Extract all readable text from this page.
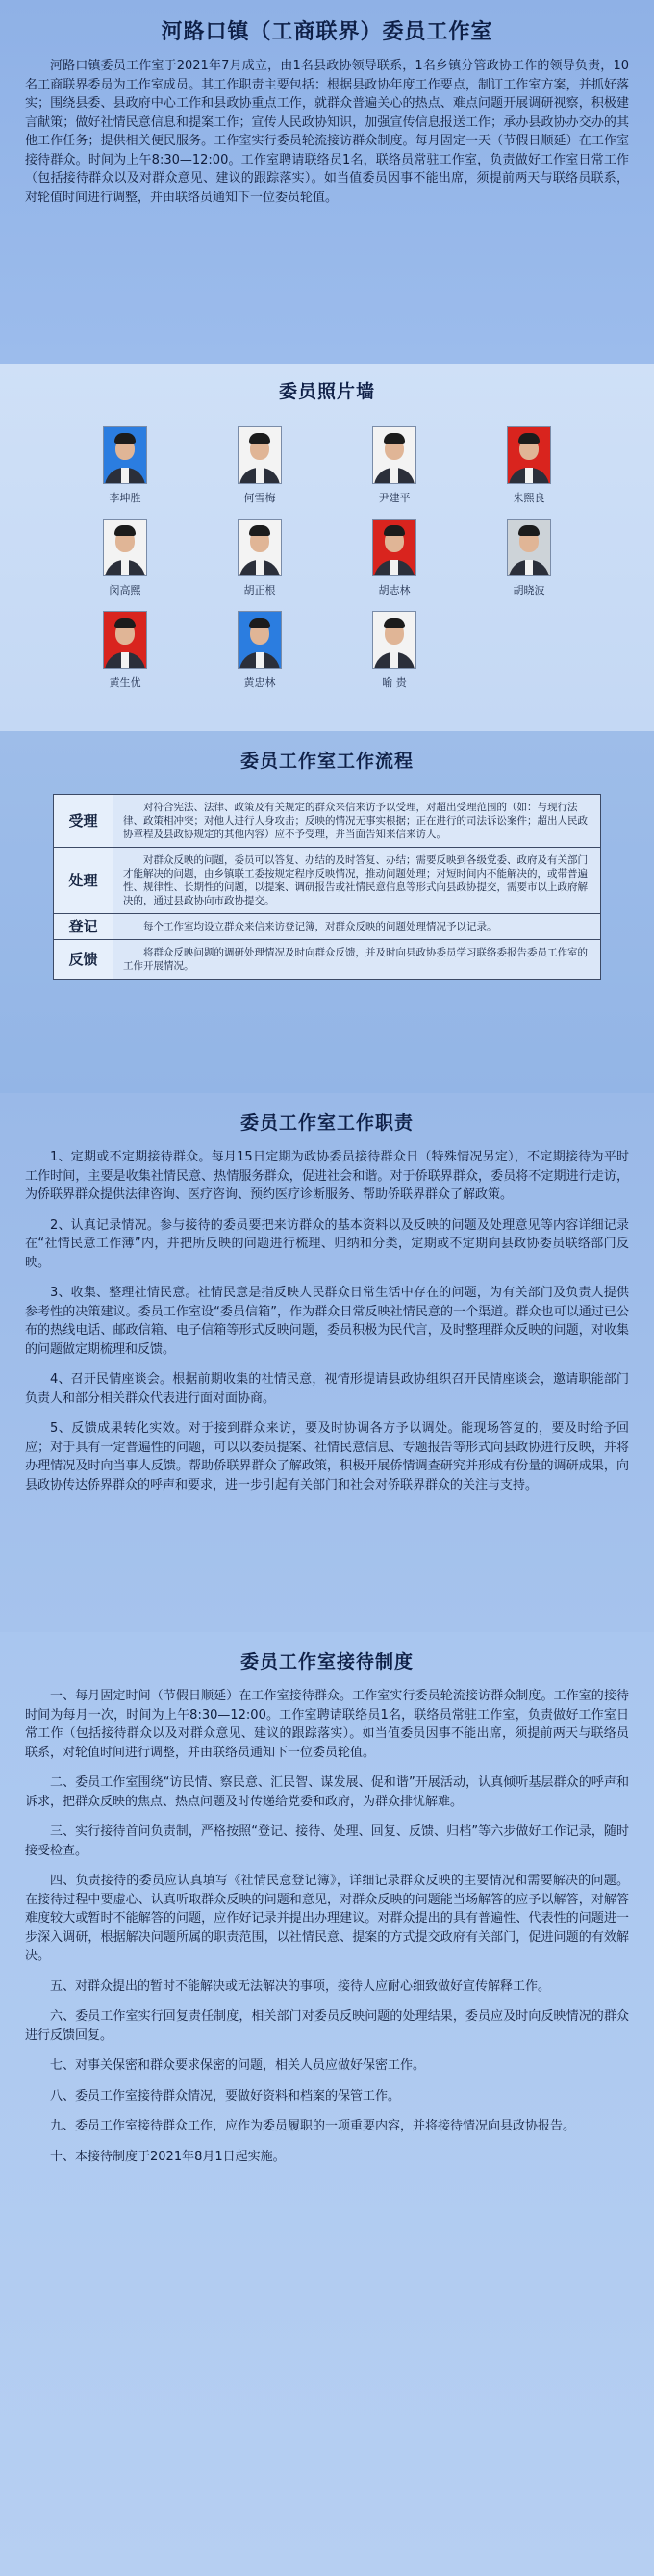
河路口镇（工商联界）委员工作室

河路口镇委员工作室于2021年7月成立，由1名县政协领导联系，1名乡镇分管政协工作的领导负责，10名工商联界委员为工作室成员。其工作职责主要包括：根据县政协年度工作要点，制订工作室方案，并抓好落实；围绕县委、县政府中心工作和县政协重点工作，就群众普遍关心的热点、难点问题开展调研视察，积极建言献策；做好社情民意信息和提案工作；宣传人民政协知识，加强宣传信息报送工作；承办县政协办交办的其他工作任务；提供相关便民服务。工作室实行委员轮流接访群众制度。每月固定一天（节假日顺延）在工作室接待群众。时间为上午8:30—12:00。工作室聘请联络员1名，联络员常驻工作室，负责做好工作室日常工作（包括接待群众以及对群众意见、建议的跟踪落实）。如当值委员因事不能出席，须提前两天与联络员联系，对轮值时间进行调整，并由联络员通知下一位委员轮值。

委员照片墙
李坤胜	何雪梅	尹建平	朱熙良
闵高熙	胡正根	胡志林	胡晓波
黄生优	黄忠林	喻 贵
委员工作室工作流程
受理	对符合宪法、法律、政策及有关规定的群众来信来访予以受理，对超出受理范围的（如：与现行法律、政策相冲突；对他人进行人身攻击；反映的情况无事实根据；正在进行的司法诉讼案件；超出人民政协章程及县政协规定的其他内容）应不予受理，并当面告知来信来访人。
处理	对群众反映的问题，委员可以答复、办结的及时答复、办结；需要反映到各级党委、政府及有关部门才能解决的问题，由乡镇联工委按规定程序反映情况，推动问题处理；对短时间内不能解决的，或带普遍性、规律性、长期性的问题，以提案、调研报告或社情民意信息等形式向县政协提交，需要市以上政府解决的，通过县政协向市政协提交。
登记	每个工作室均设立群众来信来访登记簿，对群众反映的问题处理情况予以记录。
反馈	将群众反映问题的调研处理情况及时向群众反馈，并及时向县政协委员学习联络委报告委员工作室的工作开展情况。
委员工作室工作职责

1、定期或不定期接待群众。每月15日定期为政协委员接待群众日（特殊情况另定），不定期接待为平时工作时间，主要是收集社情民意、热情服务群众，促进社会和谐。对于侨联界群众，委员将不定期进行走访，为侨联界群众提供法律咨询、医疗咨询、预约医疗诊断服务、帮助侨联界群众了解政策。

2、认真记录情况。参与接待的委员要把来访群众的基本资料以及反映的问题及处理意见等内容详细记录在“社情民意工作薄”内，并把所反映的问题进行梳理、归纳和分类，定期或不定期向县政协委员联络部门反映。

3、收集、整理社情民意。社情民意是指反映人民群众日常生活中存在的问题，为有关部门及负责人提供参考性的决策建议。委员工作室设“委员信箱”，作为群众日常反映社情民意的一个渠道。群众也可以通过已公布的热线电话、邮政信箱、电子信箱等形式反映问题，委员积极为民代言，及时整理群众反映的问题，对收集的问题做定期梳理和反馈。

4、召开民情座谈会。根据前期收集的社情民意，视情形提请县政协组织召开民情座谈会，邀请职能部门负责人和部分相关群众代表进行面对面协商。

5、反馈成果转化实效。对于接到群众来访，要及时协调各方予以调处。能现场答复的，要及时给予回应；对于具有一定普遍性的问题，可以以委员提案、社情民意信息、专题报告等形式向县政协进行反映，并将办理情况及时向当事人反馈。帮助侨联界群众了解政策，积极开展侨情调查研究并形成有份量的调研成果，向县政协传达侨界群众的呼声和要求，进一步引起有关部门和社会对侨联界群众的关注与支持。

委员工作室接待制度

一、每月固定时间（节假日顺延）在工作室接待群众。工作室实行委员轮流接访群众制度。工作室的接待时间为每月一次，时间为上午8:30—12:00。工作室聘请联络员1名，联络员常驻工作室，负责做好工作室日常工作（包括接待群众以及对群众意见、建议的跟踪落实）。如当值委员因事不能出席，须提前两天与联络员联系，对轮值时间进行调整，并由联络员通知下一位委员轮值。

二、委员工作室围绕“访民情、察民意、汇民智、谋发展、促和谐”开展活动，认真倾听基层群众的呼声和诉求，把群众反映的焦点、热点问题及时传递给党委和政府，为群众排忧解难。

三、实行接待首问负责制，严格按照“登记、接待、处理、回复、反馈、归档”等六步做好工作记录，随时接受检查。

四、负责接待的委员应认真填写《社情民意登记簿》，详细记录群众反映的主要情况和需要解决的问题。在接待过程中要虚心、认真听取群众反映的问题和意见，对群众反映的问题能当场解答的应予以解答，对解答难度较大或暂时不能解答的问题，应作好记录并提出办理建议。对群众提出的具有普遍性、代表性的问题进一步深入调研，根据解决问题所属的职责范围，以社情民意、提案的方式提交政府有关部门，促进问题的有效解决。

五、对群众提出的暂时不能解决或无法解决的事项，接待人应耐心细致做好宣传解释工作。

六、委员工作室实行回复责任制度，相关部门对委员反映问题的处理结果，委员应及时向反映情况的群众进行反馈回复。

七、对事关保密和群众要求保密的问题，相关人员应做好保密工作。

八、委员工作室接待群众情况，要做好资料和档案的保管工作。

九、委员工作室接待群众工作，应作为委员履职的一项重要内容，并将接待情况向县政协报告。

十、本接待制度于2021年8月1日起实施。
